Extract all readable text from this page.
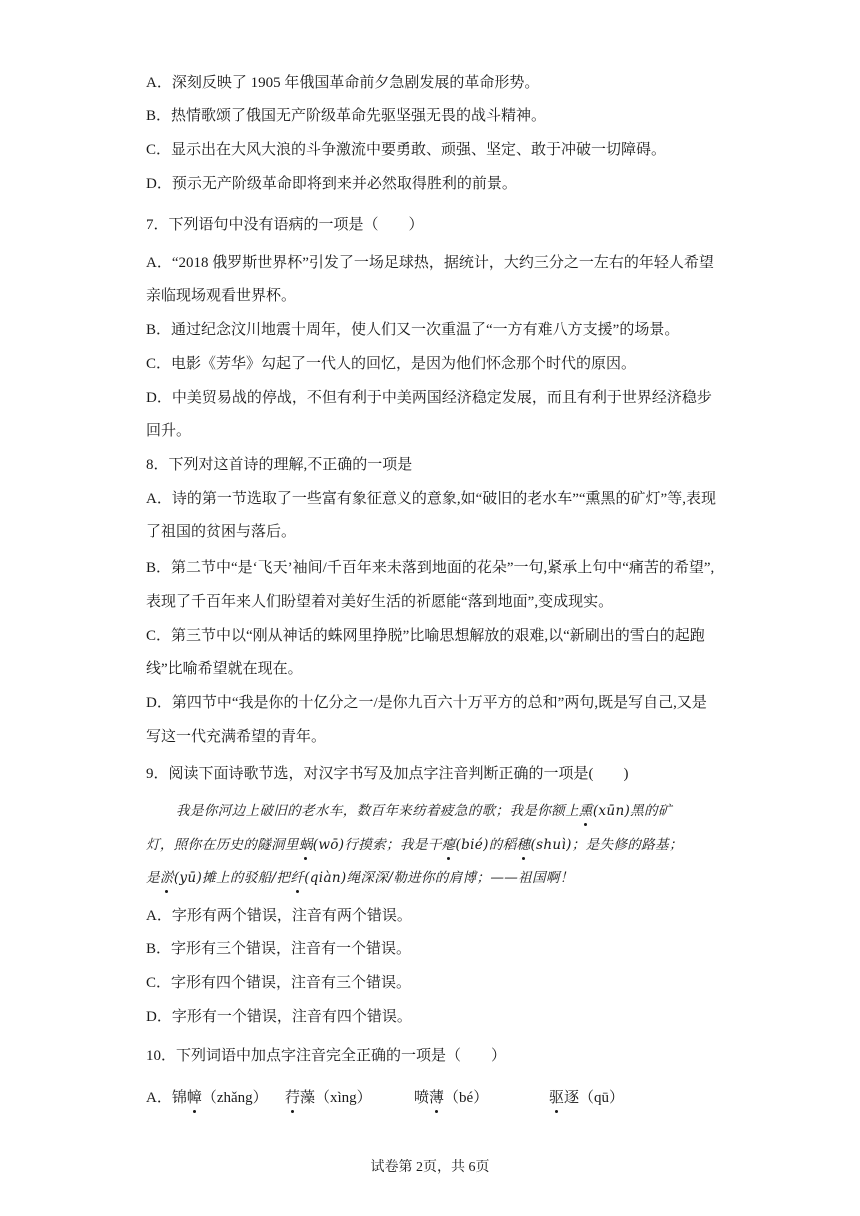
A．深刻反映了 1905 年俄国革命前夕急剧发展的革命形势。
B．热情歌颂了俄国无产阶级革命先驱坚强无畏的战斗精神。
C．显示出在大风大浪的斗争激流中要勇敢、顽强、坚定、敢于冲破一切障碍。
D．预示无产阶级革命即将到来并必然取得胜利的前景。
7．下列语句中没有语病的一项是（　　）
A．“2018 俄罗斯世界杯”引发了一场足球热，据统计，大约三分之一左右的年轻人希望
亲临现场观看世界杯。
B．通过纪念汶川地震十周年，使人们又一次重温了“一方有难八方支援”的场景。
C．电影《芳华》勾起了一代人的回忆，是因为他们怀念那个时代的原因。
D．中美贸易战的停战，不但有利于中美两国经济稳定发展，而且有利于世界经济稳步
回升。
8．下列对这首诗的理解,不正确的一项是
A．诗的第一节选取了一些富有象征意义的意象,如“破旧的老水车”“熏黑的矿灯”等,表现
了祖国的贫困与落后。
B．第二节中“是‘飞天’袖间/千百年来未落到地面的花朵”一句,紧承上句中“痛苦的希望”,
表现了千百年来人们盼望着对美好生活的祈愿能“落到地面”,变成现实。
C．第三节中以“刚从神话的蛛网里挣脱”比喻思想解放的艰难,以“新刷出的雪白的起跑
线”比喻希望就在现在。
D．第四节中“我是你的十亿分之一/是你九百六十万平方的总和”两句,既是写自己,又是
写这一代充满希望的青年。
9．阅读下面诗歌节选，对汉字书写及加点字注音判断正确的一项是(　　)
我是你河边上破旧的老水车，数百年来纺着疲急的歌；我是你额上熏(xūn)黑的矿
灯，照你在历史的隧洞里蜗(wō)行摸索；我是干瘪(bié)的稻穗(shuì)；是失修的路基；
是淤(yū)摊上的驳船/把纤(qiàn)绳深深/勒进你的肩博；——祖国啊！
A．字形有两个错误，注音有两个错误。
B．字形有三个错误，注音有一个错误。
C．字形有四个错误，注音有三个错误。
D．字形有一个错误，注音有四个错误。
10．下列词语中加点字注音完全正确的一项是（　　）
A．锦幛（zhǎng） 荇藻（xìng）	喷薄（bé）	驱逐（qū）
试卷第 2页，共 6页
